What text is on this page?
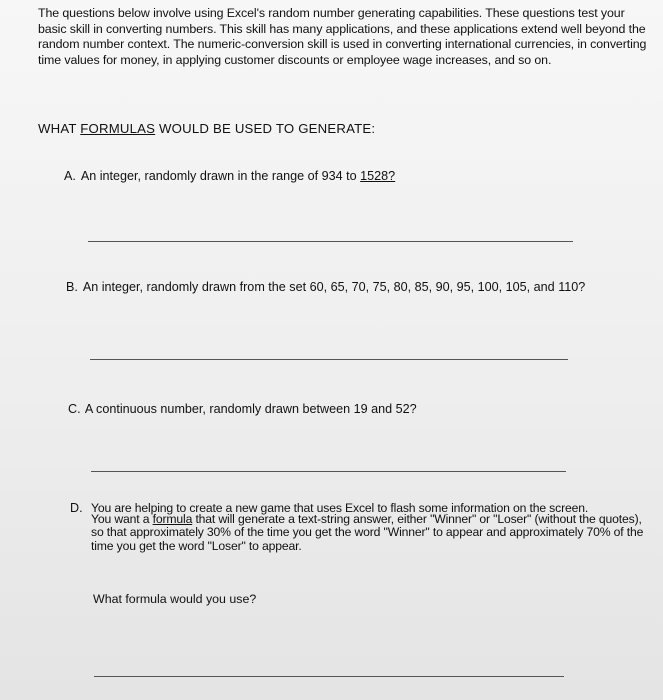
The questions below involve using Excel's random number generating capabilities. These questions test your basic skill in converting numbers. This skill has many applications, and these applications extend well beyond the random number context. The numeric-conversion skill is used in converting international currencies, in converting time values for money, in applying customer discounts or employee wage increases, and so on.

WHAT FORMULAS WOULD BE USED TO GENERATE:
A. An integer, randomly drawn in the range of 934 to 1528?
B. An integer, randomly drawn from the set 60, 65, 70, 75, 80, 85, 90, 95, 100, 105, and 110?
C. A continuous number, randomly drawn between 19 and 52?
D. You are helping to create a new game that uses Excel to flash some information on the screen.

You want a formula that will generate a text-string answer, either "Winner" or "Loser" (without the quotes), so that approximately 30% of the time you get the word "Winner" to appear and approximately 70% of the time you get the word "Loser" to appear.

What formula would you use?
